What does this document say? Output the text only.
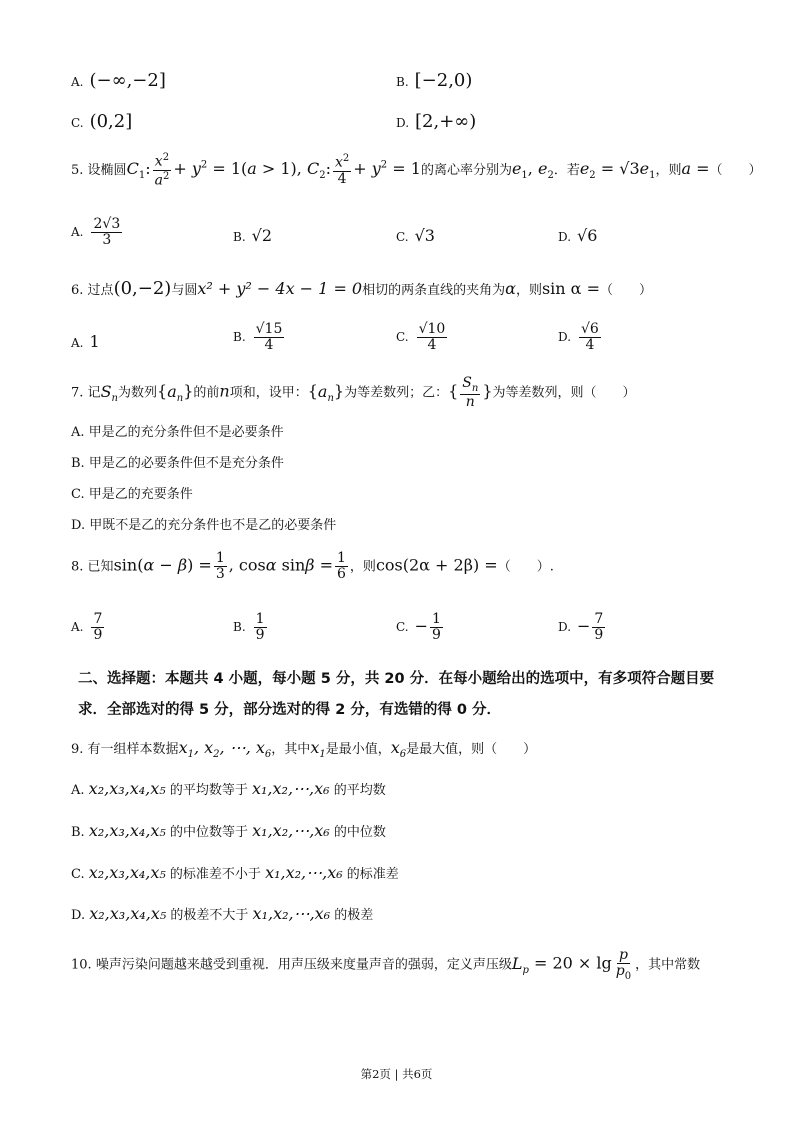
A. (−∞,−2]	B. [−2,0)
C. (0,2]	D. [2,+∞)
5. 设椭圆$C_1$: $\frac{x^2}{a^2} + y^2 = 1(a > 1)$, $C_2$: $\frac{x^2}{4} + y^2 = 1$的离心率分别为$e_1$, $e_2$．若$e_2 = √3e_1$，则a =（　　）
A. $\frac{2√3}{3}$	B. √2	C. √3	D. √6
6. 过点(0,−2)与圆x² + y² − 4x − 1 = 0相切的两条直线的夹角为α，则sin α =（　　）
A. 1	B. $\frac{√15}{4}$	C. $\frac{√10}{4}$	D. $\frac{√6}{4}$
7. 记$S_n$为数列$\{a_n\}$的前n项和，设甲：$\{a_n\}$为等差数列；乙：{ $\frac{S_n}{n}$ }为等差数列，则（　　）
A. 甲是乙的充分条件但不是必要条件
B. 甲是乙的必要条件但不是充分条件
C. 甲是乙的充要条件
D. 甲既不是乙的充分条件也不是乙的必要条件
8. 已知$\sin(\alpha - \beta) = \frac{1}{3}$ , cosα $\sin\beta = \frac{1}{6}$ ，则cos(2α + 2β) =（　　）.
A. $\frac{7}{9}$	B. $\frac{1}{9}$	C. − $\frac{1}{9}$	D. − $\frac{7}{9}$
二、选择题：本题共 4 小题，每小题 5 分，共 20 分．在每小题给出的选项中，有多项符合题目要求．全部选对的得 5 分，部分选对的得 2 分，有选错的得 0 分．
9. 有一组样本数据$x_1$, $x_2$, ⋯, $x_6$，其中$x_1$是最小值，$x_6$是最大值，则（　　）
A. x₂,x₃,x₄,x₅ 的平均数等于 x₁,x₂,⋯,x₆ 的平均数
B. x₂,x₃,x₄,x₅ 的中位数等于 x₁,x₂,⋯,x₆ 的中位数
C. x₂,x₃,x₄,x₅ 的标准差不小于 x₁,x₂,⋯,x₆ 的标准差
D. x₂,x₃,x₄,x₅ 的极差不大于 x₁,x₂,⋯,x₆ 的极差
10. 噪声污染问题越来越受到重视．用声压级来度量声音的强弱，定义声压级$L_p = 20 \times \lg \frac{p}{p_0}$ ，其中常数
第2页 | 共6页
